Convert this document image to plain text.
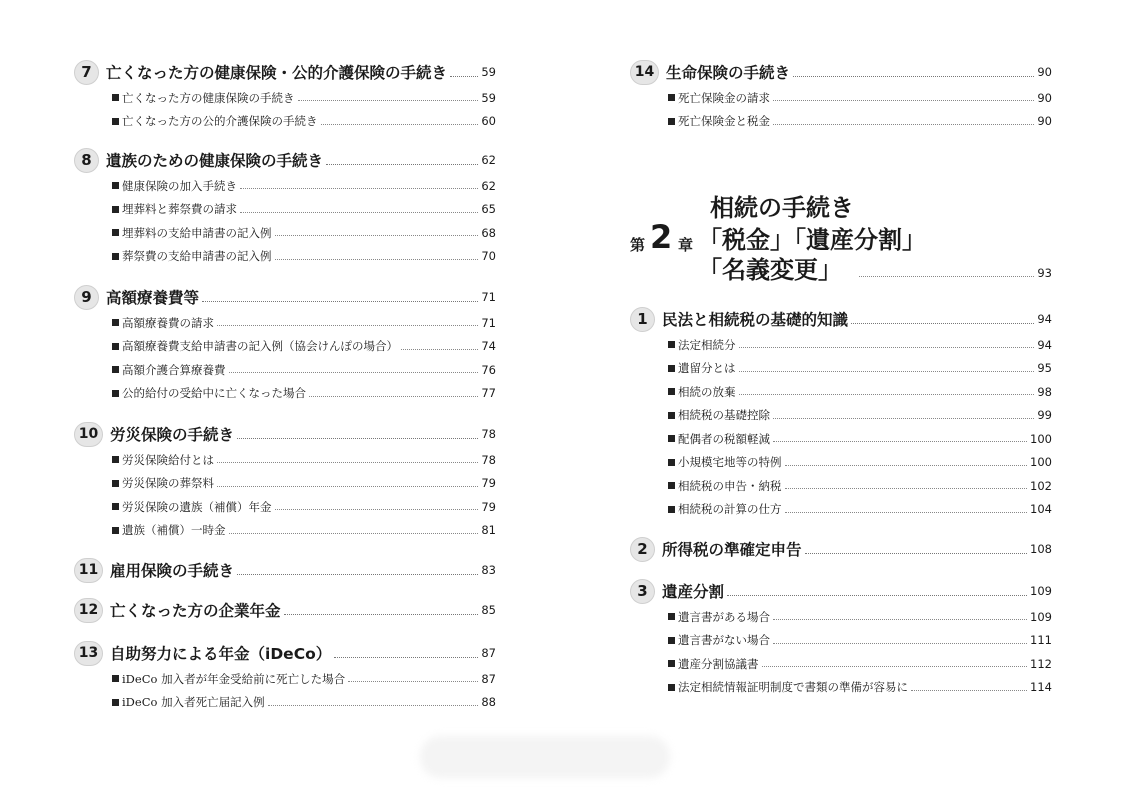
7 亡くなった方の健康保険・公的介護保険の手続き	59
亡くなった方の健康保険の手続き	59
亡くなった方の公的介護保険の手続き	60
8 遺族のための健康保険の手続き	62
健康保険の加入手続き	62
埋葬料と葬祭費の請求	65
埋葬料の支給申請書の記入例	68
葬祭費の支給申請書の記入例	70
9 高額療養費等	71
高額療養費の請求	71
高額療養費支給申請書の記入例（協会けんぽの場合）	74
高額介護合算療養費	76
公的給付の受給中に亡くなった場合	77
10 労災保険の手続き	78
労災保険給付とは	78
労災保険の葬祭料	79
労災保険の遺族（補償）年金	79
遺族（補償）一時金	81
11 雇用保険の手続き	83
12 亡くなった方の企業年金	85
13 自助努力による年金（iDeCo）	87
iDeCo 加入者が年金受給前に死亡した場合	87
iDeCo 加入者死亡届記入例	88
第 2 章
相続の手続き
「税金」「遺産分割」
「名義変更」	93
14 生命保険の手続き	90
死亡保険金の請求	90
死亡保険金と税金	90
1 民法と相続税の基礎的知識	94
法定相続分	94
遺留分とは	95
相続の放棄	98
相続税の基礎控除	99
配偶者の税額軽減	100
小規模宅地等の特例	100
相続税の申告・納税	102
相続税の計算の仕方	104
2 所得税の準確定申告	108
3 遺産分割	109
遺言書がある場合	109
遺言書がない場合	111
遺産分割協議書	112
法定相続情報証明制度で書類の準備が容易に	114
